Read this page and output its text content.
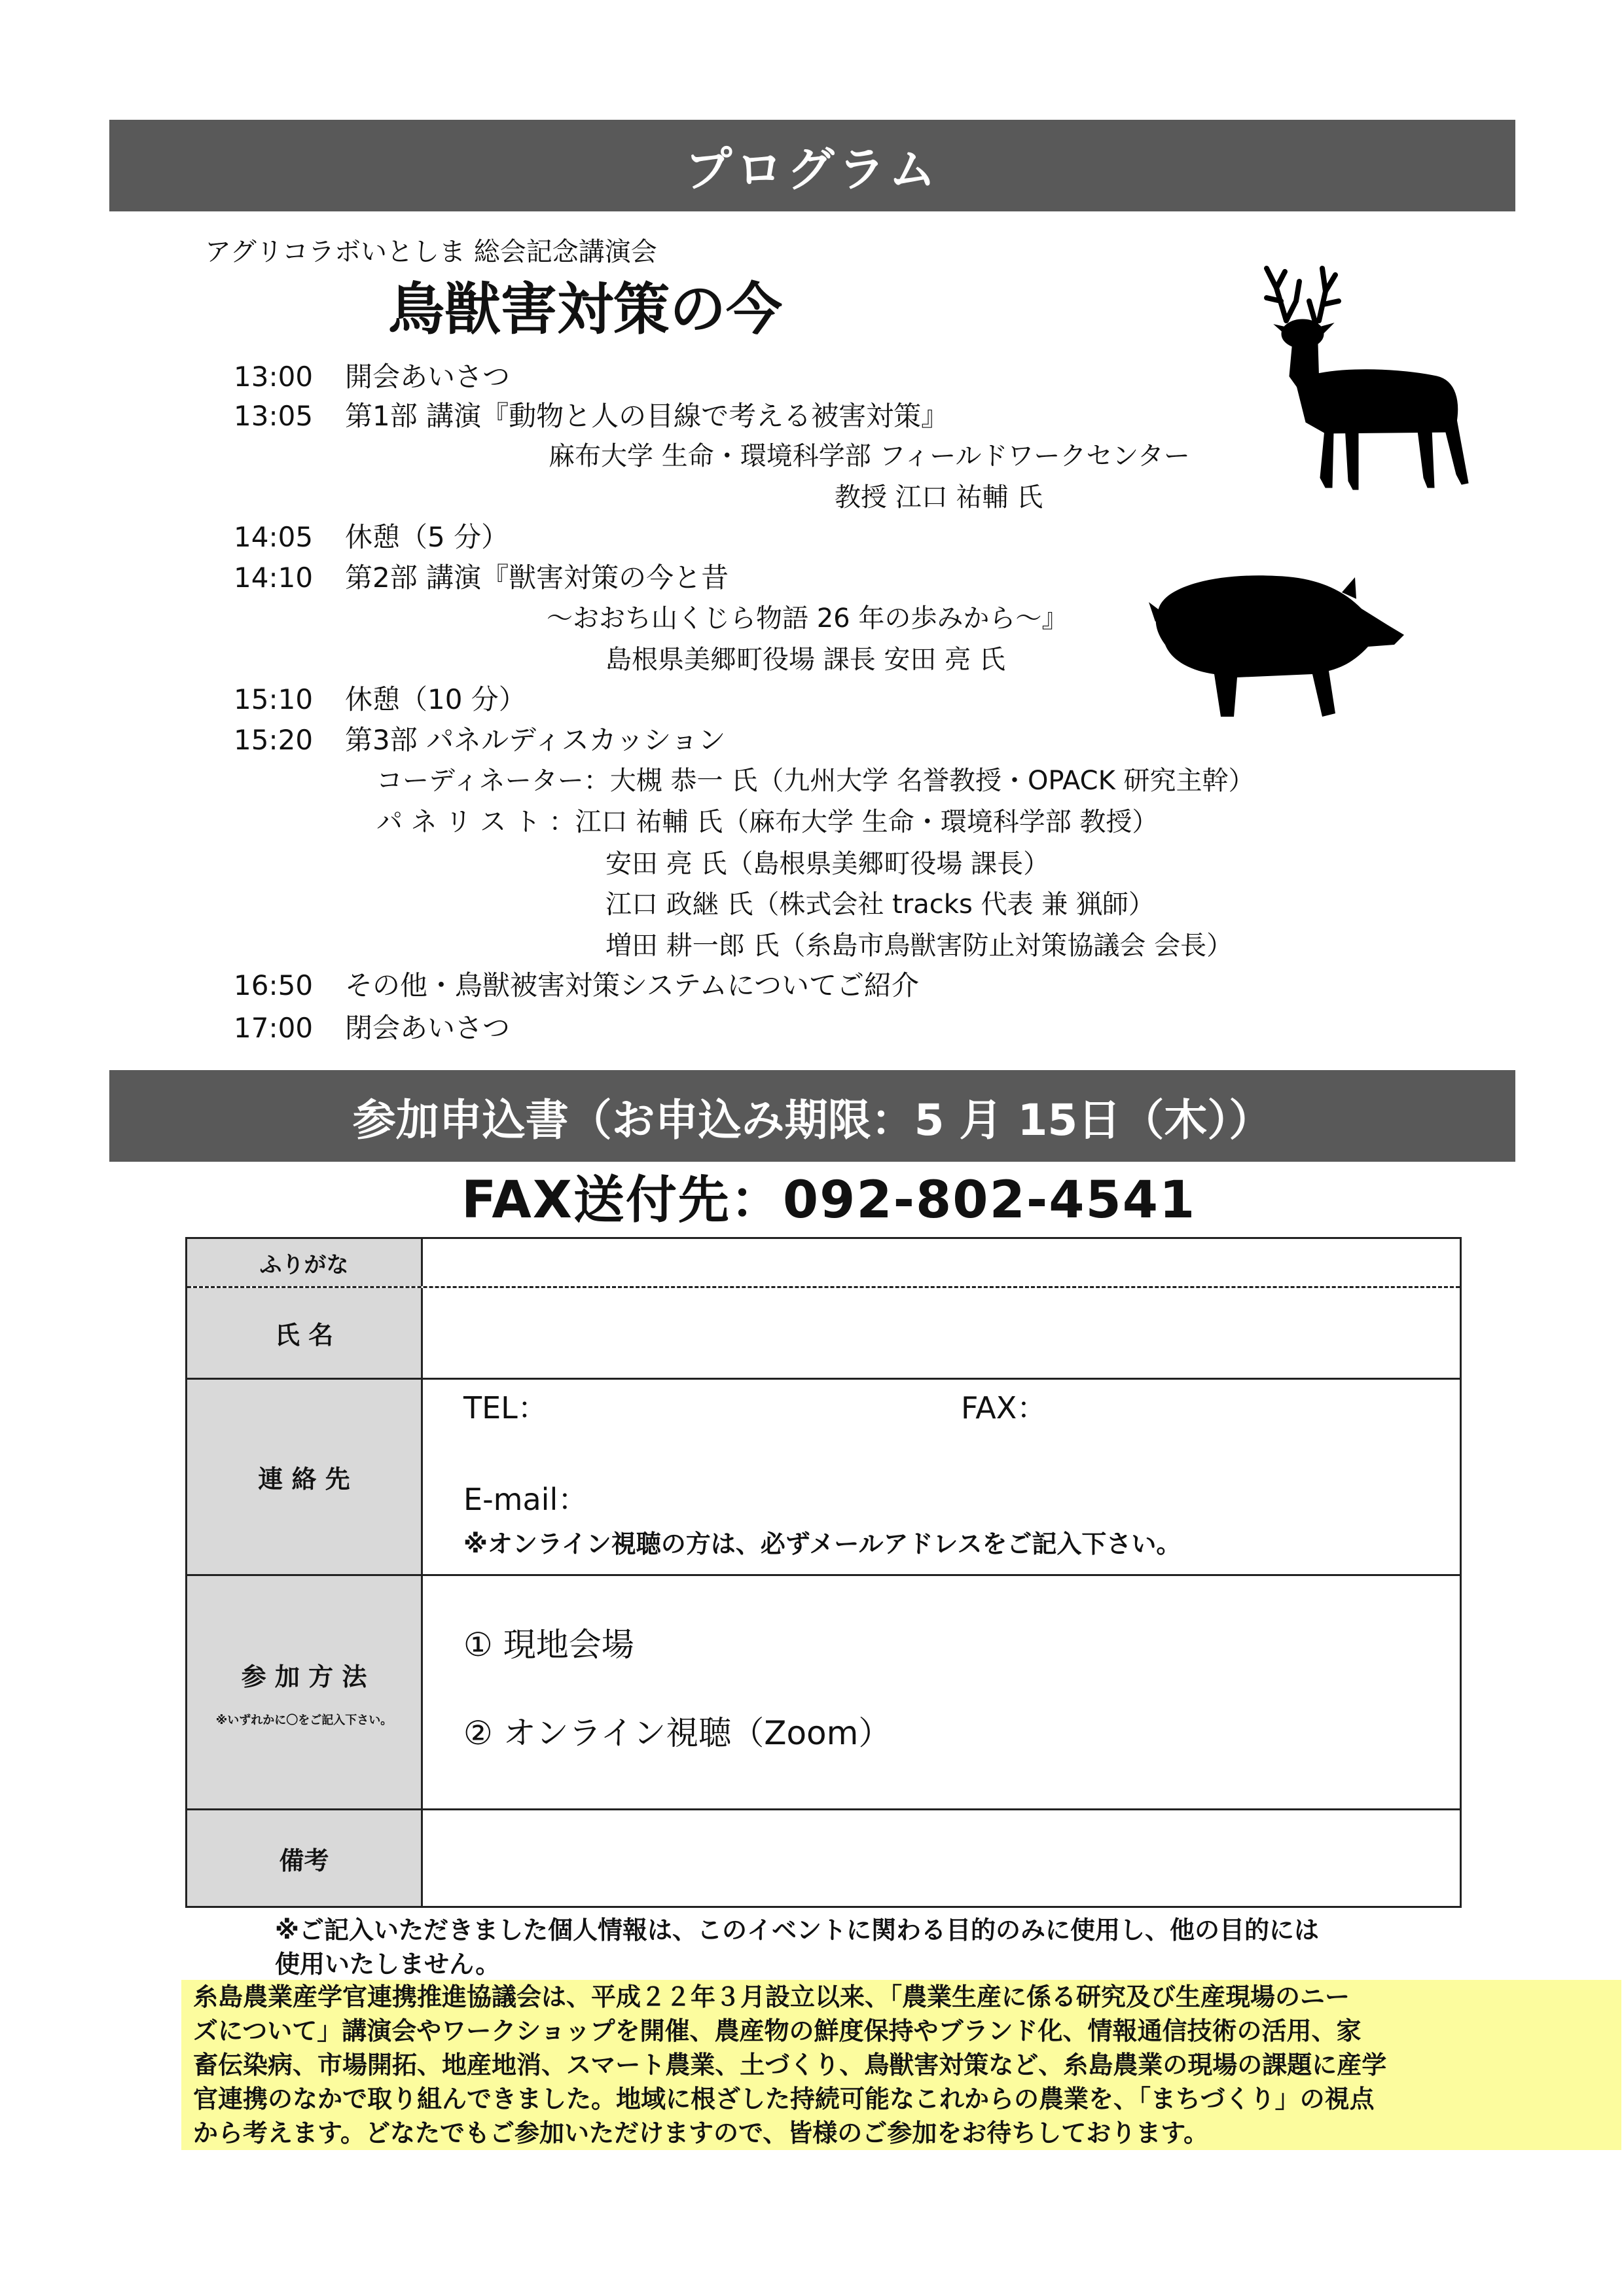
プログラム
アグリコラボいとしま 総会記念講演会
鳥獣害対策の今
13:00 開会あいさつ
13:05 第1部 講演『動物と人の目線で考える被害対策』
麻布大学 生命・環境科学部 フィールドワークセンター
教授 江口 祐輔 氏
14:05 休憩（5 分）
14:10 第2部 講演『獣害対策の今と昔
～おおち山くじら物語 26 年の歩みから～』
島根県美郷町役場 課長 安田 亮 氏
15:10 休憩（10 分）
15:20 第3部 パネルディスカッション
コーディネーター：大槻 恭一 氏（九州大学 名誉教授・OPACK 研究主幹）
パ ネ リ ス ト ：江口 祐輔 氏（麻布大学 生命・環境科学部 教授）
安田 亮 氏（島根県美郷町役場 課長）
江口 政継 氏（株式会社 tracks 代表 兼 猟師）
増田 耕一郎 氏（糸島市鳥獣害防止対策協議会 会長）
16:50 その他・鳥獣被害対策システムについてご紹介
17:00 閉会あいさつ
参加申込書（お申込み期限：5 月 15日（木））
FAX送付先：092-802-4541
ふりがな
氏 名
連 絡 先
TEL：	FAX：
E-mail：
※オンライン視聴の方は、必ずメールアドレスをご記入下さい。
参 加 方 法
※いずれかに〇をご記入下さい。
① 現地会場
② オンライン視聴（Zoom）
備考
※ご記入いただきました個人情報は、このイベントに関わる目的のみに使用し、他の目的には
使用いたしません。
糸島農業産学官連携推進協議会は、平成２２年３月設立以来、「農業生産に係る研究及び生産現場のニー
ズについて」講演会やワークショップを開催、農産物の鮮度保持やブランド化、情報通信技術の活用、家
畜伝染病、市場開拓、地産地消、スマート農業、土づくり、鳥獣害対策など、糸島農業の現場の課題に産学
官連携のなかで取り組んできました。地域に根ざした持続可能なこれからの農業を、「まちづくり」の視点
から考えます。どなたでもご参加いただけますので、皆様のご参加をお待ちしております。
